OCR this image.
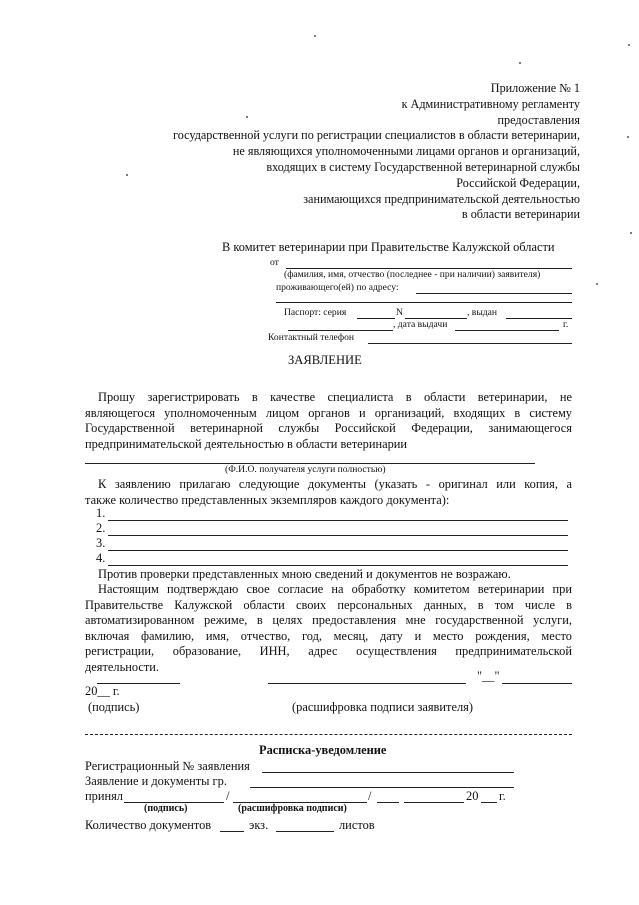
Приложение № 1
к Административному регламенту
предоставления
государственной услуги по регистрации специалистов в области ветеринарии,
не являющихся уполномоченными лицами органов и организаций,
входящих в систему Государственной ветеринарной службы
Российской Федерации,
занимающихся предпринимательской деятельностью
в области ветеринарии
В комитет ветеринарии при Правительстве Калужской области
от
(фамилия, имя, отчество (последнее - при наличии) заявителя)
проживающего(ей) по адресу:
Паспорт: серия	N	, выдан
, дата выдачи	г.
Контактный телефон
ЗАЯВЛЕНИЕ
Прошу зарегистрировать в качестве специалиста в области ветеринарии, не
являющегося уполномоченным лицом органов и организаций, входящих в систему
Государственной ветеринарной службы Российской Федерации, занимающегося
предпринимательской деятельностью в области ветеринарии
(Ф.И.О. получателя услуги полностью)
К заявлению прилагаю следующие документы (указать - оригинал или копия, а
также количество представленных экземпляров каждого документа):
1.
2.
3.
4.
Против проверки представленных мною сведений и документов не возражаю.
Настоящим подтверждаю свое согласие на обработку комитетом ветеринарии при
Правительстве Калужской области своих персональных данных, в том числе в
автоматизированном режиме, в целях предоставления мне государственной услуги,
включая фамилию, имя, отчество, год, месяц, дату и место рождения, место
регистрации, образование, ИНН, адрес осуществления предпринимательской
деятельности.
"__"
20__ г.
(подпись)	(расшифровка подписи заявителя)
Расписка-уведомление
Регистрационный № заявления
Заявление и документы гр.
принял	/	/	20 г.
(подпись)	(расшифровка подписи)
Количество документов	экз.	листов
